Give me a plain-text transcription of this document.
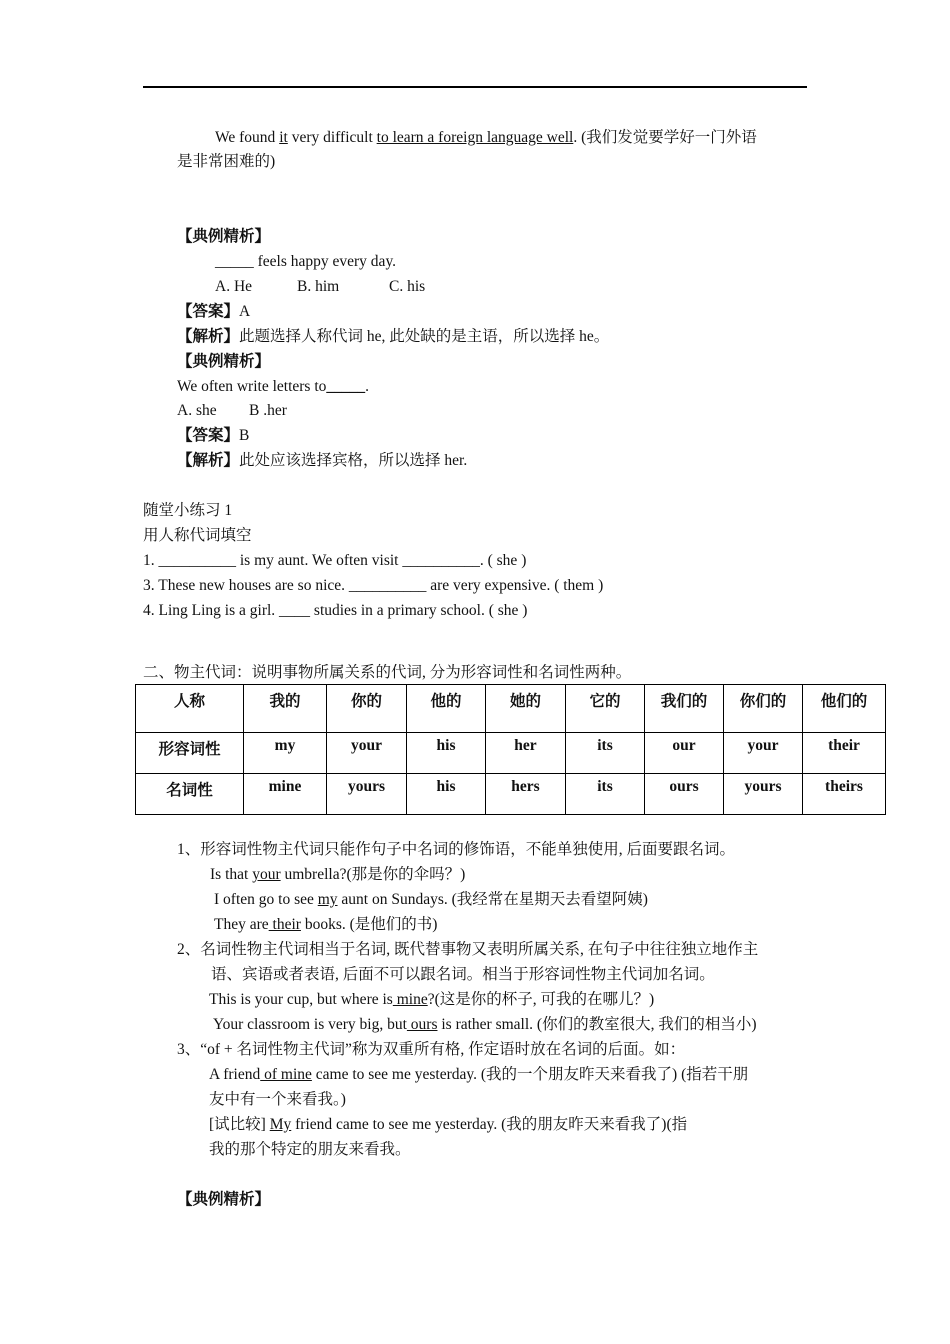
We found it very difficult to learn a foreign language well. (我们发觉要学好一门外语
是非常困难的)
【典例精析】
_____ feels happy every day.
A. He	B. him	C. his
【答案】A
【解析】此题选择人称代词 he, 此处缺的是主语，所以选择 he。
【典例精析】
We often write letters to_____.
A. she B .her
【答案】B
【解析】此处应该选择宾格，所以选择 her.
随堂小练习 1
用人称代词填空
1. __________ is my aunt. We often visit __________. ( she )
3. These new houses are so nice. __________ are very expensive. ( them )
4. Ling Ling is a girl. ____ studies in a primary school. ( she )
二、物主代词：说明事物所属关系的代词, 分为形容词性和名词性两种。
人称	我的	你的	他的	她的	它的	我们的	你们的	他们的
形容词性	my	your	his	her	its	our	your	their
名词性	mine	yours	his	hers	its	ours	yours	theirs
1、形容词性物主代词只能作句子中名词的修饰语，不能单独使用, 后面要跟名词。
Is that your umbrella?(那是你的伞吗？)
I often go to see my aunt on Sundays. (我经常在星期天去看望阿姨)
They are their books. (是他们的书)
2、名词性物主代词相当于名词, 既代替事物又表明所属关系, 在句子中往往独立地作主
语、宾语或者表语, 后面不可以跟名词。相当于形容词性物主代词加名词。
This is your cup, but where is mine?(这是你的杯子, 可我的在哪儿？)
Your classroom is very big, but ours is rather small. (你们的教室很大, 我们的相当小)
3、“of + 名词性物主代词”称为双重所有格, 作定语时放在名词的后面。如：
A friend of mine came to see me yesterday. (我的一个朋友昨天来看我了) (指若干朋
友中有一个来看我。)
[试比较] My friend came to see me yesterday. (我的朋友昨天来看我了)(指
我的那个特定的朋友来看我。
【典例精析】
